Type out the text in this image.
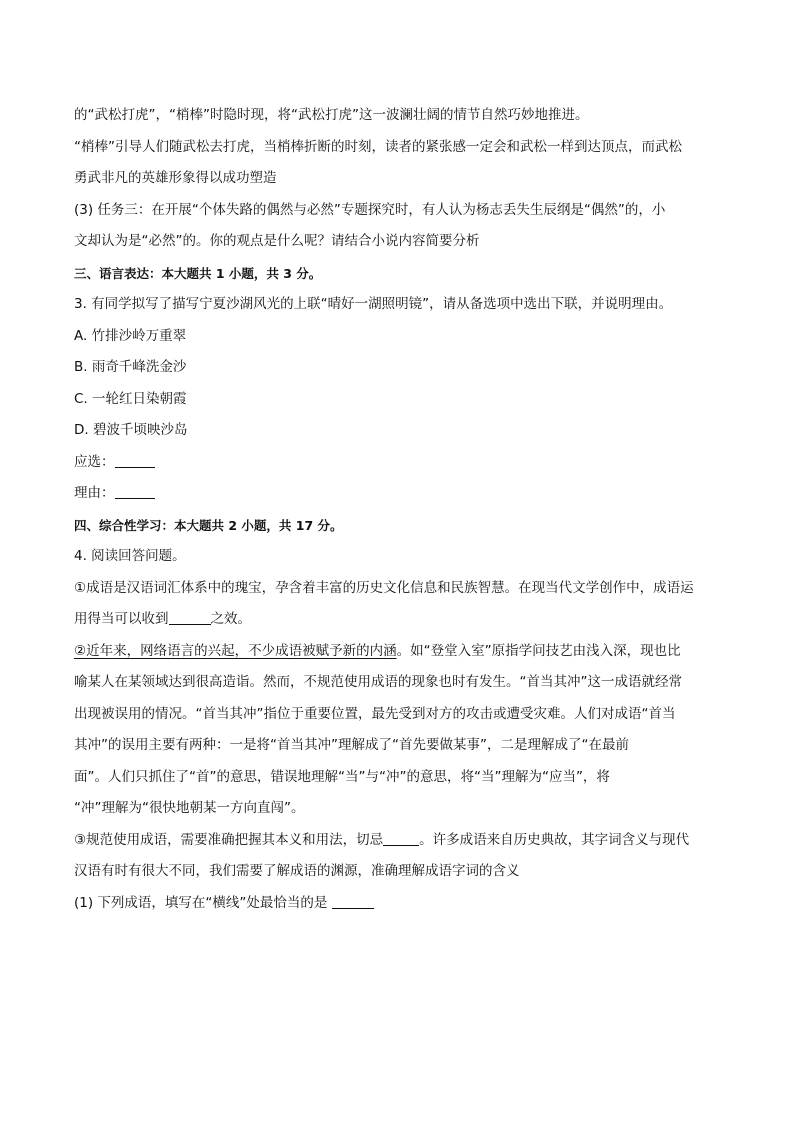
的“武松打虎”，“梢棒”时隐时现，将“武松打虎”这一波澜壮阔的情节自然巧妙地推进。
“梢棒”引导人们随武松去打虎，当梢棒折断的时刻，读者的紧张感一定会和武松一样到达顶点，而武松
勇武非凡的英雄形象得以成功塑造
(3) 任务三：在开展“个体失路的偶然与必然”专题探究时，有人认为杨志丢失生辰纲是“偶然”的，小
文却认为是“必然”的。你的观点是什么呢？请结合小说内容简要分析
三、语言表达：本大题共 1 小题，共 3 分。
3. 有同学拟写了描写宁夏沙湖风光的上联“晴好一湖照明镜”，请从备选项中选出下联，并说明理由。
A. 竹排沙岭万重翠
B. 雨奇千峰洗金沙
C. 一轮红日染朝霞
D. 碧波千顷映沙岛
应选：
理由：
四、综合性学习：本大题共 2 小题，共 17 分。
4. 阅读回答问题。
①成语是汉语词汇体系中的瑰宝，孕含着丰富的历史文化信息和民族智慧。在现当代文学创作中，成语运
用得当可以收到	之效。
②近年来，网络语言的兴起，不少成语被赋予新的内涵。如“登堂入室”原指学问技艺由浅入深，现也比
喻某人在某领域达到很高造诣。然而，不规范使用成语的现象也时有发生。“首当其冲”这一成语就经常
出现被误用的情况。“首当其冲”指位于重要位置，最先受到对方的攻击或遭受灾难。人们对成语“首当
其冲”的误用主要有两种：一是将“首当其冲”理解成了“首先要做某事”，二是理解成了“在最前
面”。人们只抓住了“首”的意思，错误地理解“当”与“冲”的意思，将“当”理解为“应当”，将
“冲”理解为“很快地朝某一方向直闯”。
③规范使用成语，需要准确把握其本义和用法，切忌	。许多成语来自历史典故，其字词含义与现代
汉语有时有很大不同，我们需要了解成语的渊源，准确理解成语字词的含义
(1) 下列成语，填写在“横线”处最恰当的是
